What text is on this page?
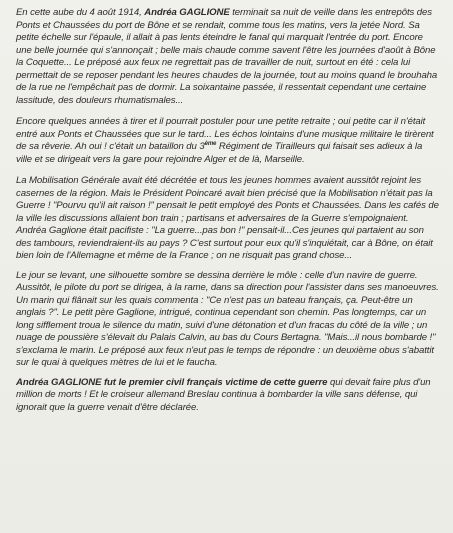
En cette aube du 4 août 1914, Andréa GAGLIONE terminait sa nuit de veille dans les entrepôts des Ponts et Chaussées du port de Bône et se rendait, comme tous les matins, vers la jetée Nord. Sa petite échelle sur l'épaule, il allait à pas lents éteindre le fanal qui marquait l'entrée du port. Encore une belle journée qui s'annonçait ; belle mais chaude comme savent l'être les journées d'août à Bône la Coquette... Le préposé aux feux ne regrettait pas de travailler de nuit, surtout en été : cela lui permettait de se reposer pendant les heures chaudes de la journée, tout au moins quand le brouhaha de la rue ne l'empêchait pas de dormir. La soixantaine passée, il ressentait cependant une certaine lassitude, des douleurs rhumatismales...

Encore quelques années à tirer et il pourrait postuler pour une petite retraite ; oui petite car il n'était entré aux Ponts et Chaussées que sur le tard... Les échos lointains d'une musique militaire le tirèrent de sa rêverie. Ah oui ! c'était un bataillon du 3ème Régiment de Tirailleurs qui faisait ses adieux à la ville et se dirigeait vers la gare pour rejoindre Alger et de là, Marseille.

La Mobilisation Générale avait été décrétée et tous les jeunes hommes avaient aussitôt rejoint les casernes de la région. Mais le Président Poincaré avait bien précisé que la Mobilisation n'était pas la Guerre ! "Pourvu qu'il ait raison !" pensait le petit employé des Ponts et Chaussées. Dans les cafés de la ville les discussions allaient bon train ; partisans et adversaires de la Guerre s'empoignaient. Andréa Gaglione était pacifiste : "La guerre...pas bon !" pensait-il...Ces jeunes qui partaient au son des tambours, reviendraient-ils au pays ? C'est surtout pour eux qu'il s'inquiétait, car à Bône, on était bien loin de l'Allemagne et même de la France ; on ne risquait pas grand chose...

Le jour se levant, une silhouette sombre se dessina derrière le môle : celle d'un navire de guerre. Aussitôt, le pilote du port se dirigea, à la rame, dans sa direction pour l'assister dans ses manoeuvres. Un marin qui flânait sur les quais commenta : "Ce n'est pas un bateau français, ça. Peut-être un anglais ?". Le petit père Gaglione, intrigué, continua cependant son chemin. Pas longtemps, car un long sifflement troua le silence du matin, suivi d'une détonation et d'un fracas du côté de la ville ; un nuage de poussière s'élevait du Palais Calvin, au bas du Cours Bertagna. "Mais...il nous bombarde !" s'exclama le marin. Le préposé aux feux n'eut pas le temps de répondre : un deuxième obus s'abattit sur le quai à quelques mètres de lui et le faucha.

Andréa GAGLIONE fut le premier civil français victime de cette guerre qui devait faire plus d'un million de morts ! Et le croiseur allemand Breslau continua à bombarder la ville sans défense, qui ignorait que la guerre venait d'être déclarée.
